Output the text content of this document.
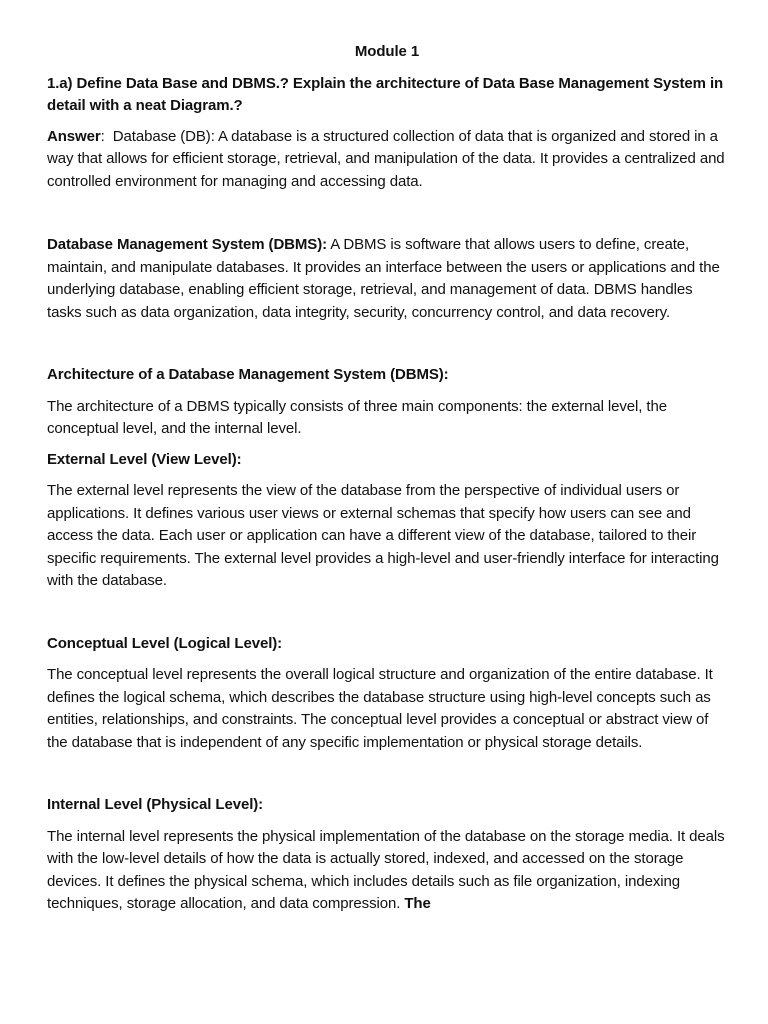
Module 1
1.a) Define Data Base and DBMS.? Explain the architecture of Data Base Management System in detail with a neat Diagram.?

Answer:  Database (DB): A database is a structured collection of data that is organized and stored in a way that allows for efficient storage, retrieval, and manipulation of the data. It provides a centralized and controlled environment for managing and accessing data.

Database Management System (DBMS): A DBMS is software that allows users to define, create, maintain, and manipulate databases. It provides an interface between the users or applications and the underlying database, enabling efficient storage, retrieval, and management of data. DBMS handles tasks such as data organization, data integrity, security, concurrency control, and data recovery.

Architecture of a Database Management System (DBMS):

The architecture of a DBMS typically consists of three main components: the external level, the conceptual level, and the internal level.

External Level (View Level):

The external level represents the view of the database from the perspective of individual users or applications. It defines various user views or external schemas that specify how users can see and access the data. Each user or application can have a different view of the database, tailored to their specific requirements. The external level provides a high-level and user-friendly interface for interacting with the database.

Conceptual Level (Logical Level):

The conceptual level represents the overall logical structure and organization of the entire database. It defines the logical schema, which describes the database structure using high-level concepts such as entities, relationships, and constraints. The conceptual level provides a conceptual or abstract view of the database that is independent of any specific implementation or physical storage details.

Internal Level (Physical Level):

The internal level represents the physical implementation of the database on the storage media. It deals with the low-level details of how the data is actually stored, indexed, and accessed on the storage devices. It defines the physical schema, which includes details such as file organization, indexing techniques, storage allocation, and data compression. The
